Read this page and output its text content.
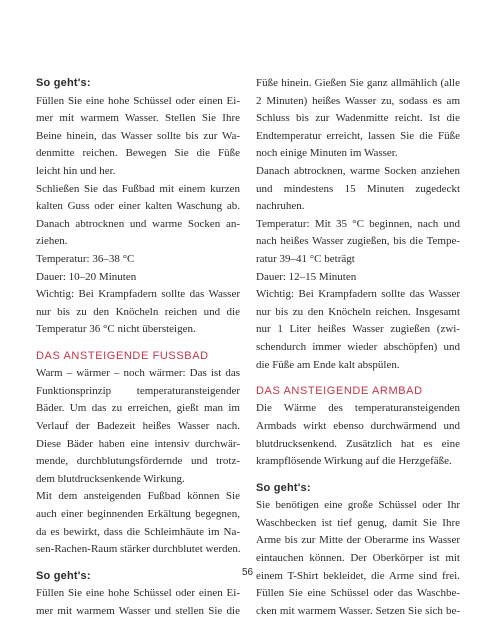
So geht's:
Füllen Sie eine hohe Schüssel oder einen Ei-
mer mit warmem Wasser. Stellen Sie Ihre
Beine hinein, das Wasser sollte bis zur Wa-
denmitte reichen. Bewegen Sie die Füße
leicht hin und her.
Schließen Sie das Fußbad mit einem kurzen
kalten Guss oder einer kalten Waschung ab.
Danach abtrocknen und warme Socken an-
ziehen.
Temperatur: 36–38 °C
Dauer: 10–20 Minuten
Wichtig: Bei Krampfadern sollte das Wasser
nur bis zu den Knöcheln reichen und die
Temperatur 36 °C nicht übersteigen.
DAS ANSTEIGENDE FUSSBAD
Warm – wärmer – noch wärmer: Das ist das
Funktionsprinzip temperaturansteigender
Bäder. Um das zu erreichen, gießt man im
Verlauf der Badezeit heißes Wasser nach.
Diese Bäder haben eine intensiv durchwär-
mende, durchblutungsfördernde und trotz-
dem blutdrucksenkende Wirkung.
Mit dem ansteigenden Fußbad können Sie
auch einer beginnenden Erkältung begegnen,
da es bewirkt, dass die Schleimhäute im Na-
sen-Rachen-Raum stärker durchblutet werden.
So geht's:
Füllen Sie eine hohe Schüssel oder einen Ei-
mer mit warmem Wasser und stellen Sie die
Füße hinein. Gießen Sie ganz allmählich (alle
2 Minuten) heißes Wasser zu, sodass es am
Schluss bis zur Wadenmitte reicht. Ist die
Endtemperatur erreicht, lassen Sie die Füße
noch einige Minuten im Wasser.
Danach abtrocknen, warme Socken anziehen
und mindestens 15 Minuten zugedeckt
nachruhen.
Temperatur: Mit 35 °C beginnen, nach und
nach heißes Wasser zugießen, bis die Tempe-
ratur 39–41 °C beträgt
Dauer: 12–15 Minuten
Wichtig: Bei Krampfadern sollte das Wasser
nur bis zu den Knöcheln reichen. Insgesamt
nur 1 Liter heißes Wasser zugießen (zwi-
schendurch immer wieder abschöpfen) und
die Füße am Ende kalt abspülen.
DAS ANSTEIGENDE ARMBAD
Die Wärme des temperaturansteigenden
Armbads wirkt ebenso durchwärmend und
blutdrucksenkend. Zusätzlich hat es eine
krampflösende Wirkung auf die Herzgefäße.
So geht's:
Sie benötigen eine große Schüssel oder Ihr
Waschbecken ist tief genug, damit Sie Ihre
Arme bis zur Mitte der Oberarme ins Wasser
eintauchen können. Der Oberkörper ist mit
einem T-Shirt bekleidet, die Arme sind frei.
Füllen Sie eine Schüssel oder das Waschbe-
cken mit warmem Wasser. Setzen Sie sich be-
56
